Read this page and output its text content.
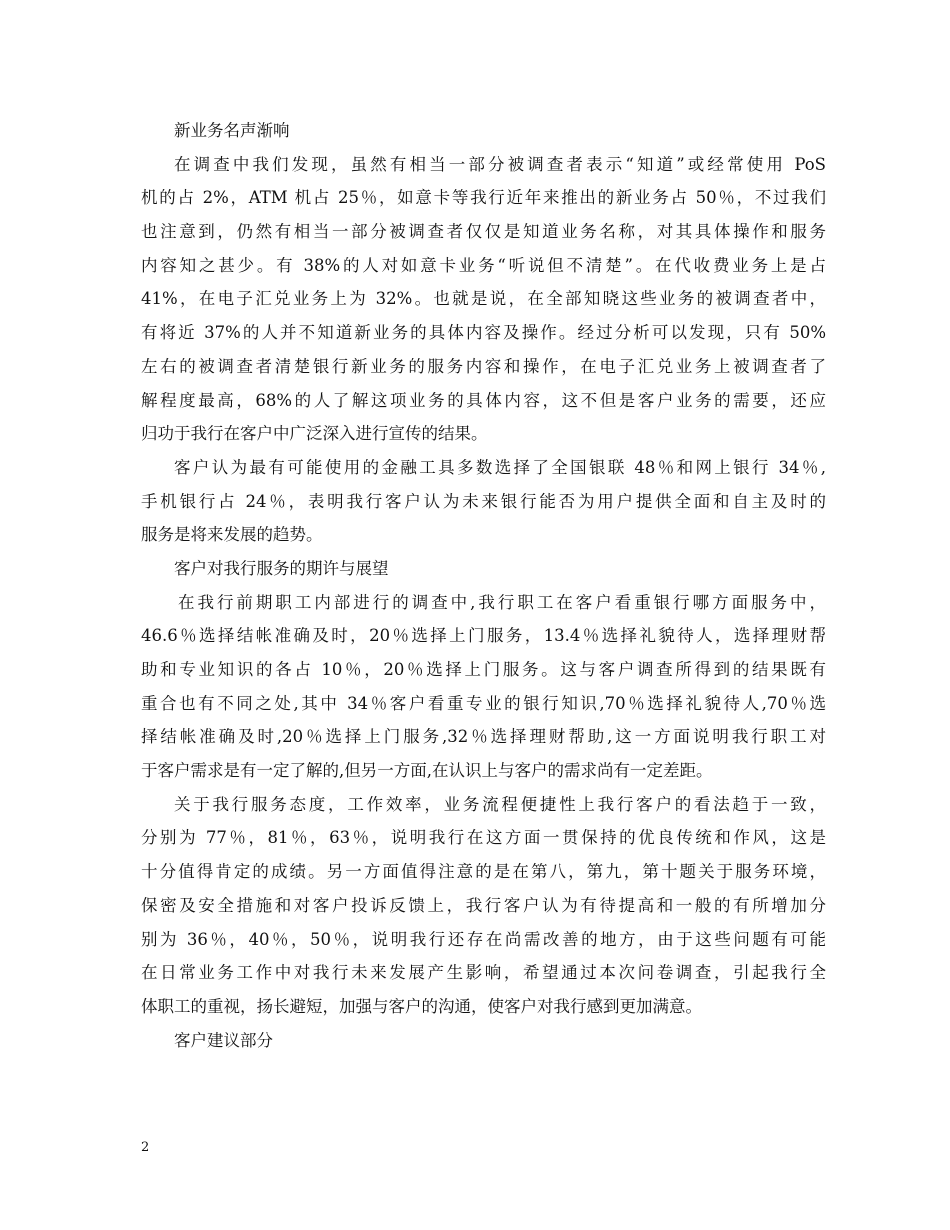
新业务名声渐响
在调查中我们发现，虽然有相当一部分被调查者表示“知道”或经常使用 PoS
机的占 2%，ATM 机占 25％，如意卡等我行近年来推出的新业务占 50％，不过我们
也注意到，仍然有相当一部分被调查者仅仅是知道业务名称，对其具体操作和服务
内容知之甚少。有 38%的人对如意卡业务“听说但不清楚”。在代收费业务上是占
41%，在电子汇兑业务上为 32%。也就是说，在全部知晓这些业务的被调查者中，
有将近 37%的人并不知道新业务的具体内容及操作。经过分析可以发现，只有 50%
左右的被调查者清楚银行新业务的服务内容和操作，在电子汇兑业务上被调查者了
解程度最高，68%的人了解这项业务的具体内容，这不但是客户业务的需要，还应
归功于我行在客户中广泛深入进行宣传的结果。
客户认为最有可能使用的金融工具多数选择了全国银联 48％和网上银行 34％,
手机银行占 24％，表明我行客户认为未来银行能否为用户提供全面和自主及时的
服务是将来发展的趋势。
客户对我行服务的期许与展望
在我行前期职工内部进行的调查中,我行职工在客户看重银行哪方面服务中，
46.6％选择结帐准确及时，20％选择上门服务，13.4％选择礼貌待人，选择理财帮
助和专业知识的各占 10％，20％选择上门服务。这与客户调查所得到的结果既有
重合也有不同之处,其中 34％客户看重专业的银行知识,70％选择礼貌待人,70％选
择结帐准确及时,20％选择上门服务,32％选择理财帮助,这一方面说明我行职工对
于客户需求是有一定了解的,但另一方面,在认识上与客户的需求尚有一定差距。
关于我行服务态度，工作效率，业务流程便捷性上我行客户的看法趋于一致，
分别为 77％，81％，63％，说明我行在这方面一贯保持的优良传统和作风，这是
十分值得肯定的成绩。另一方面值得注意的是在第八，第九，第十题关于服务环境，
保密及安全措施和对客户投诉反馈上，我行客户认为有待提高和一般的有所增加分
别为 36％，40％，50％，说明我行还存在尚需改善的地方，由于这些问题有可能
在日常业务工作中对我行未来发展产生影响，希望通过本次问卷调查，引起我行全
体职工的重视，扬长避短，加强与客户的沟通，使客户对我行感到更加满意。
客户建议部分
2
